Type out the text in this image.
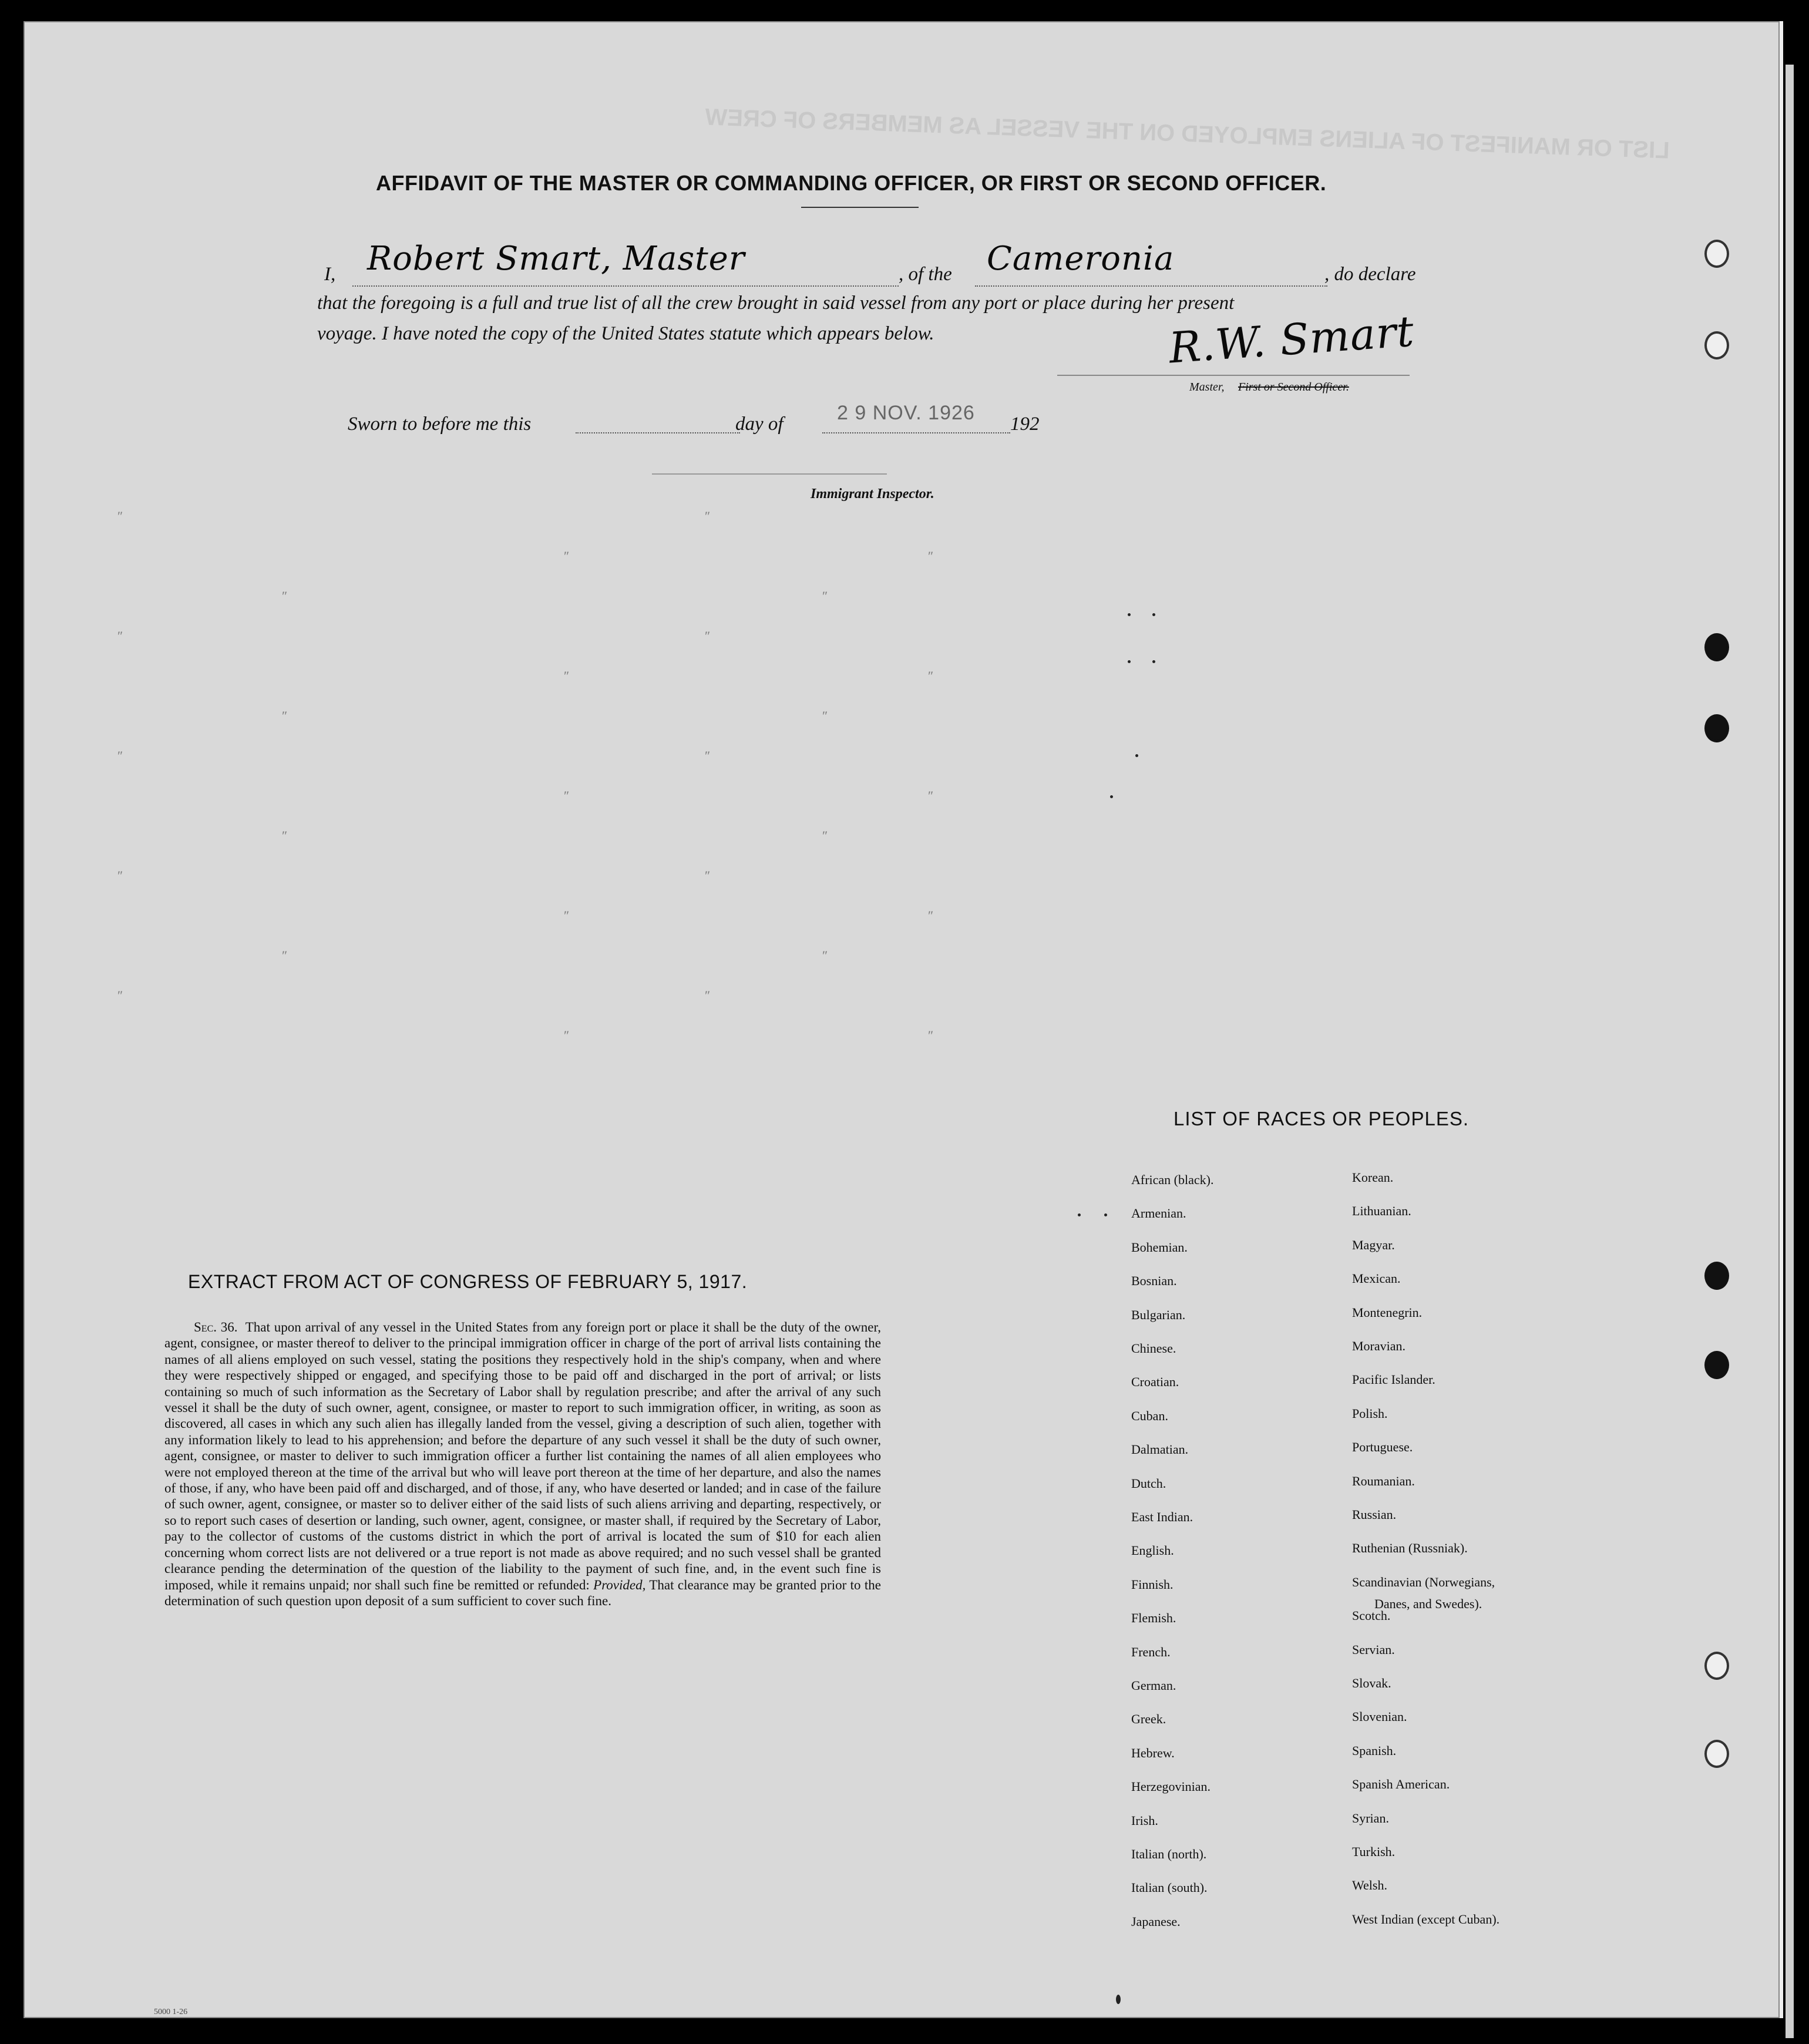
LIST OR MANIFEST OF ALIENS EMPLOYED ON THE VESSEL AS MEMBERS OF CREW
″	″
″	″
″	″
″	″
″	″
″	″
″	″
″	″
″	″
″	″
″	″
″	″
″	″
″	″
AFFIDAVIT OF THE MASTER OR COMMANDING OFFICER, OR FIRST OR SECOND OFFICER.
I, Robert Smart, Master	, of the Cameronia	, do declare
that the foregoing is a full and true list of all the crew brought in said vessel from any port or place during her present
voyage. I have noted the copy of the United States statute which appears below.	R.W. Smart
Master, First or Second Officer.
Sworn to before me this	day of	2 9 NOV. 1926 192
Immigrant Inspector.
EXTRACT FROM ACT OF CONGRESS OF FEBRUARY 5, 1917.

Sec. 36. That upon arrival of any vessel in the United States from any foreign port or place it shall be the duty of the owner, agent, consignee, or master thereof to deliver to the principal immigration officer in charge of the port of arrival lists containing the names of all aliens employed on such vessel, stating the positions they respectively hold in the ship's company, when and where they were respectively shipped or engaged, and specifying those to be paid off and discharged in the port of arrival; or lists containing so much of such information as the Secretary of Labor shall by regulation prescribe; and after the arrival of any such vessel it shall be the duty of such owner, agent, consignee, or master to report to such immigration officer, in writing, as soon as discovered, all cases in which any such alien has illegally landed from the vessel, giving a description of such alien, together with any information likely to lead to his apprehension; and before the departure of any such vessel it shall be the duty of such owner, agent, consignee, or master to deliver to such immigration officer a further list containing the names of all alien employees who were not employed thereon at the time of the arrival but who will leave port thereon at the time of her departure, and also the names of those, if any, who have been paid off and discharged, and of those, if any, who have deserted or landed; and in case of the failure of such owner, agent, consignee, or master so to deliver either of the said lists of such aliens arriving and departing, respectively, or so to report such cases of desertion or landing, such owner, agent, consignee, or master shall, if required by the Secretary of Labor, pay to the collector of customs of the customs district in which the port of arrival is located the sum of $10 for each alien concerning whom correct lists are not delivered or a true report is not made as above required; and no such vessel shall be granted clearance pending the determination of the question of the liability to the payment of such fine, and, in the event such fine is imposed, while it remains unpaid; nor shall such fine be remitted or refunded: Provided, That clearance may be granted prior to the determination of such question upon deposit of a sum sufficient to cover such fine.

LIST OF RACES OR PEOPLES.
African (black).
Armenian.
Bohemian.
Bosnian.
Bulgarian.
Chinese.
Croatian.
Cuban.
Dalmatian.
Dutch.
East Indian.
English.
Finnish.
Flemish.
French.
German.
Greek.
Hebrew.
Herzegovinian.
Irish.
Italian (north).
Italian (south).
Japanese.
Korean.
Lithuanian.
Magyar.
Mexican.
Montenegrin.
Moravian.
Pacific Islander.
Polish.
Portuguese.
Roumanian.
Russian.
Ruthenian (Russniak).
Scandinavian (Norwegians,
Scotch.
Servian.
Slovak.
Slovenian.
Spanish.
Spanish American.
Syrian.
Turkish.
Welsh.
West Indian (except Cuban).
Danes, and Swedes).
5000 1-26
